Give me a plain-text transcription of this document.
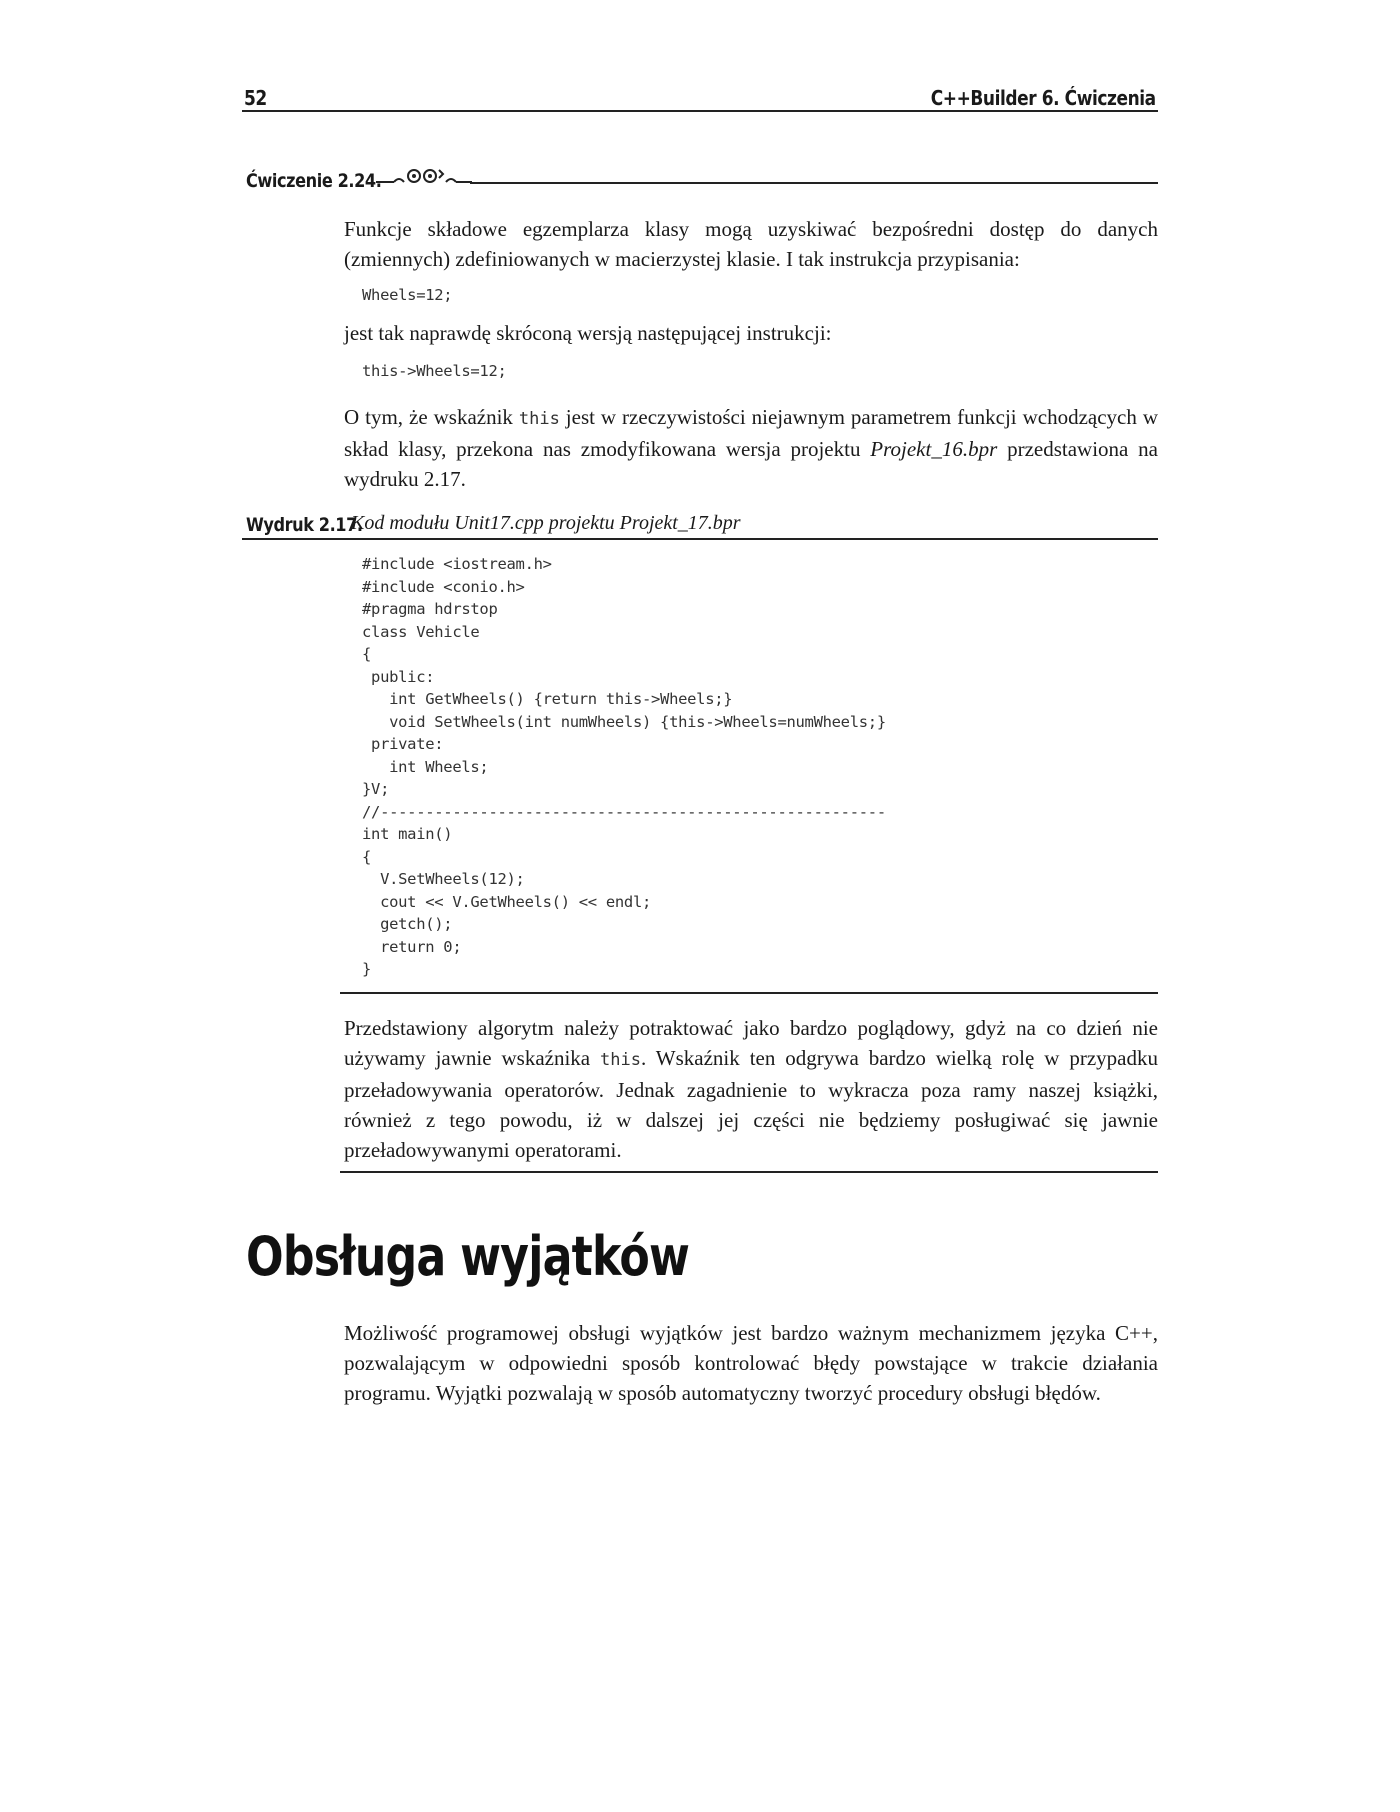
52	C++Builder 6. Ćwiczenia
Ćwiczenie 2.24.
Funkcje składowe egzemplarza klasy mogą uzyskiwać bezpośredni dostęp do danych (zmiennych) zdefiniowanych w macierzystej klasie. I tak instrukcja przypisania:
Wheels=12;
jest tak naprawdę skróconą wersją następującej instrukcji:
this->Wheels=12;
O tym, że wskaźnik this jest w rzeczywistości niejawnym parametrem funkcji wchodzących w skład klasy, przekona nas zmodyfikowana wersja projektu Projekt_16.bpr przedstawiona na wydruku 2.17.
Wydruk 2.17.
Kod modułu Unit17.cpp projektu Projekt_17.bpr
#include <iostream.h>
#include <conio.h>
#pragma hdrstop
class Vehicle
{
public:
int GetWheels() {return this->Wheels;}
void SetWheels(int numWheels) {this->Wheels=numWheels;}
private:
int Wheels;
}V;
//--------------------------------------------------------
int main()
{
V.SetWheels(12);
cout << V.GetWheels() << endl;
getch();
return 0;
}
Przedstawiony algorytm należy potraktować jako bardzo poglądowy, gdyż na co dzień nie używamy jawnie wskaźnika this. Wskaźnik ten odgrywa bardzo wielką rolę w przypadku przeładowywania operatorów. Jednak zagadnienie to wykracza poza ramy naszej książki, również z tego powodu, iż w dalszej jej części nie będziemy posługiwać się jawnie przeładowywanymi operatorami.
Obsługa wyjątków
Możliwość programowej obsługi wyjątków jest bardzo ważnym mechanizmem języka C++, pozwalającym w odpowiedni sposób kontrolować błędy powstające w trakcie działania programu. Wyjątki pozwalają w sposób automatyczny tworzyć procedury obsługi błędów.
